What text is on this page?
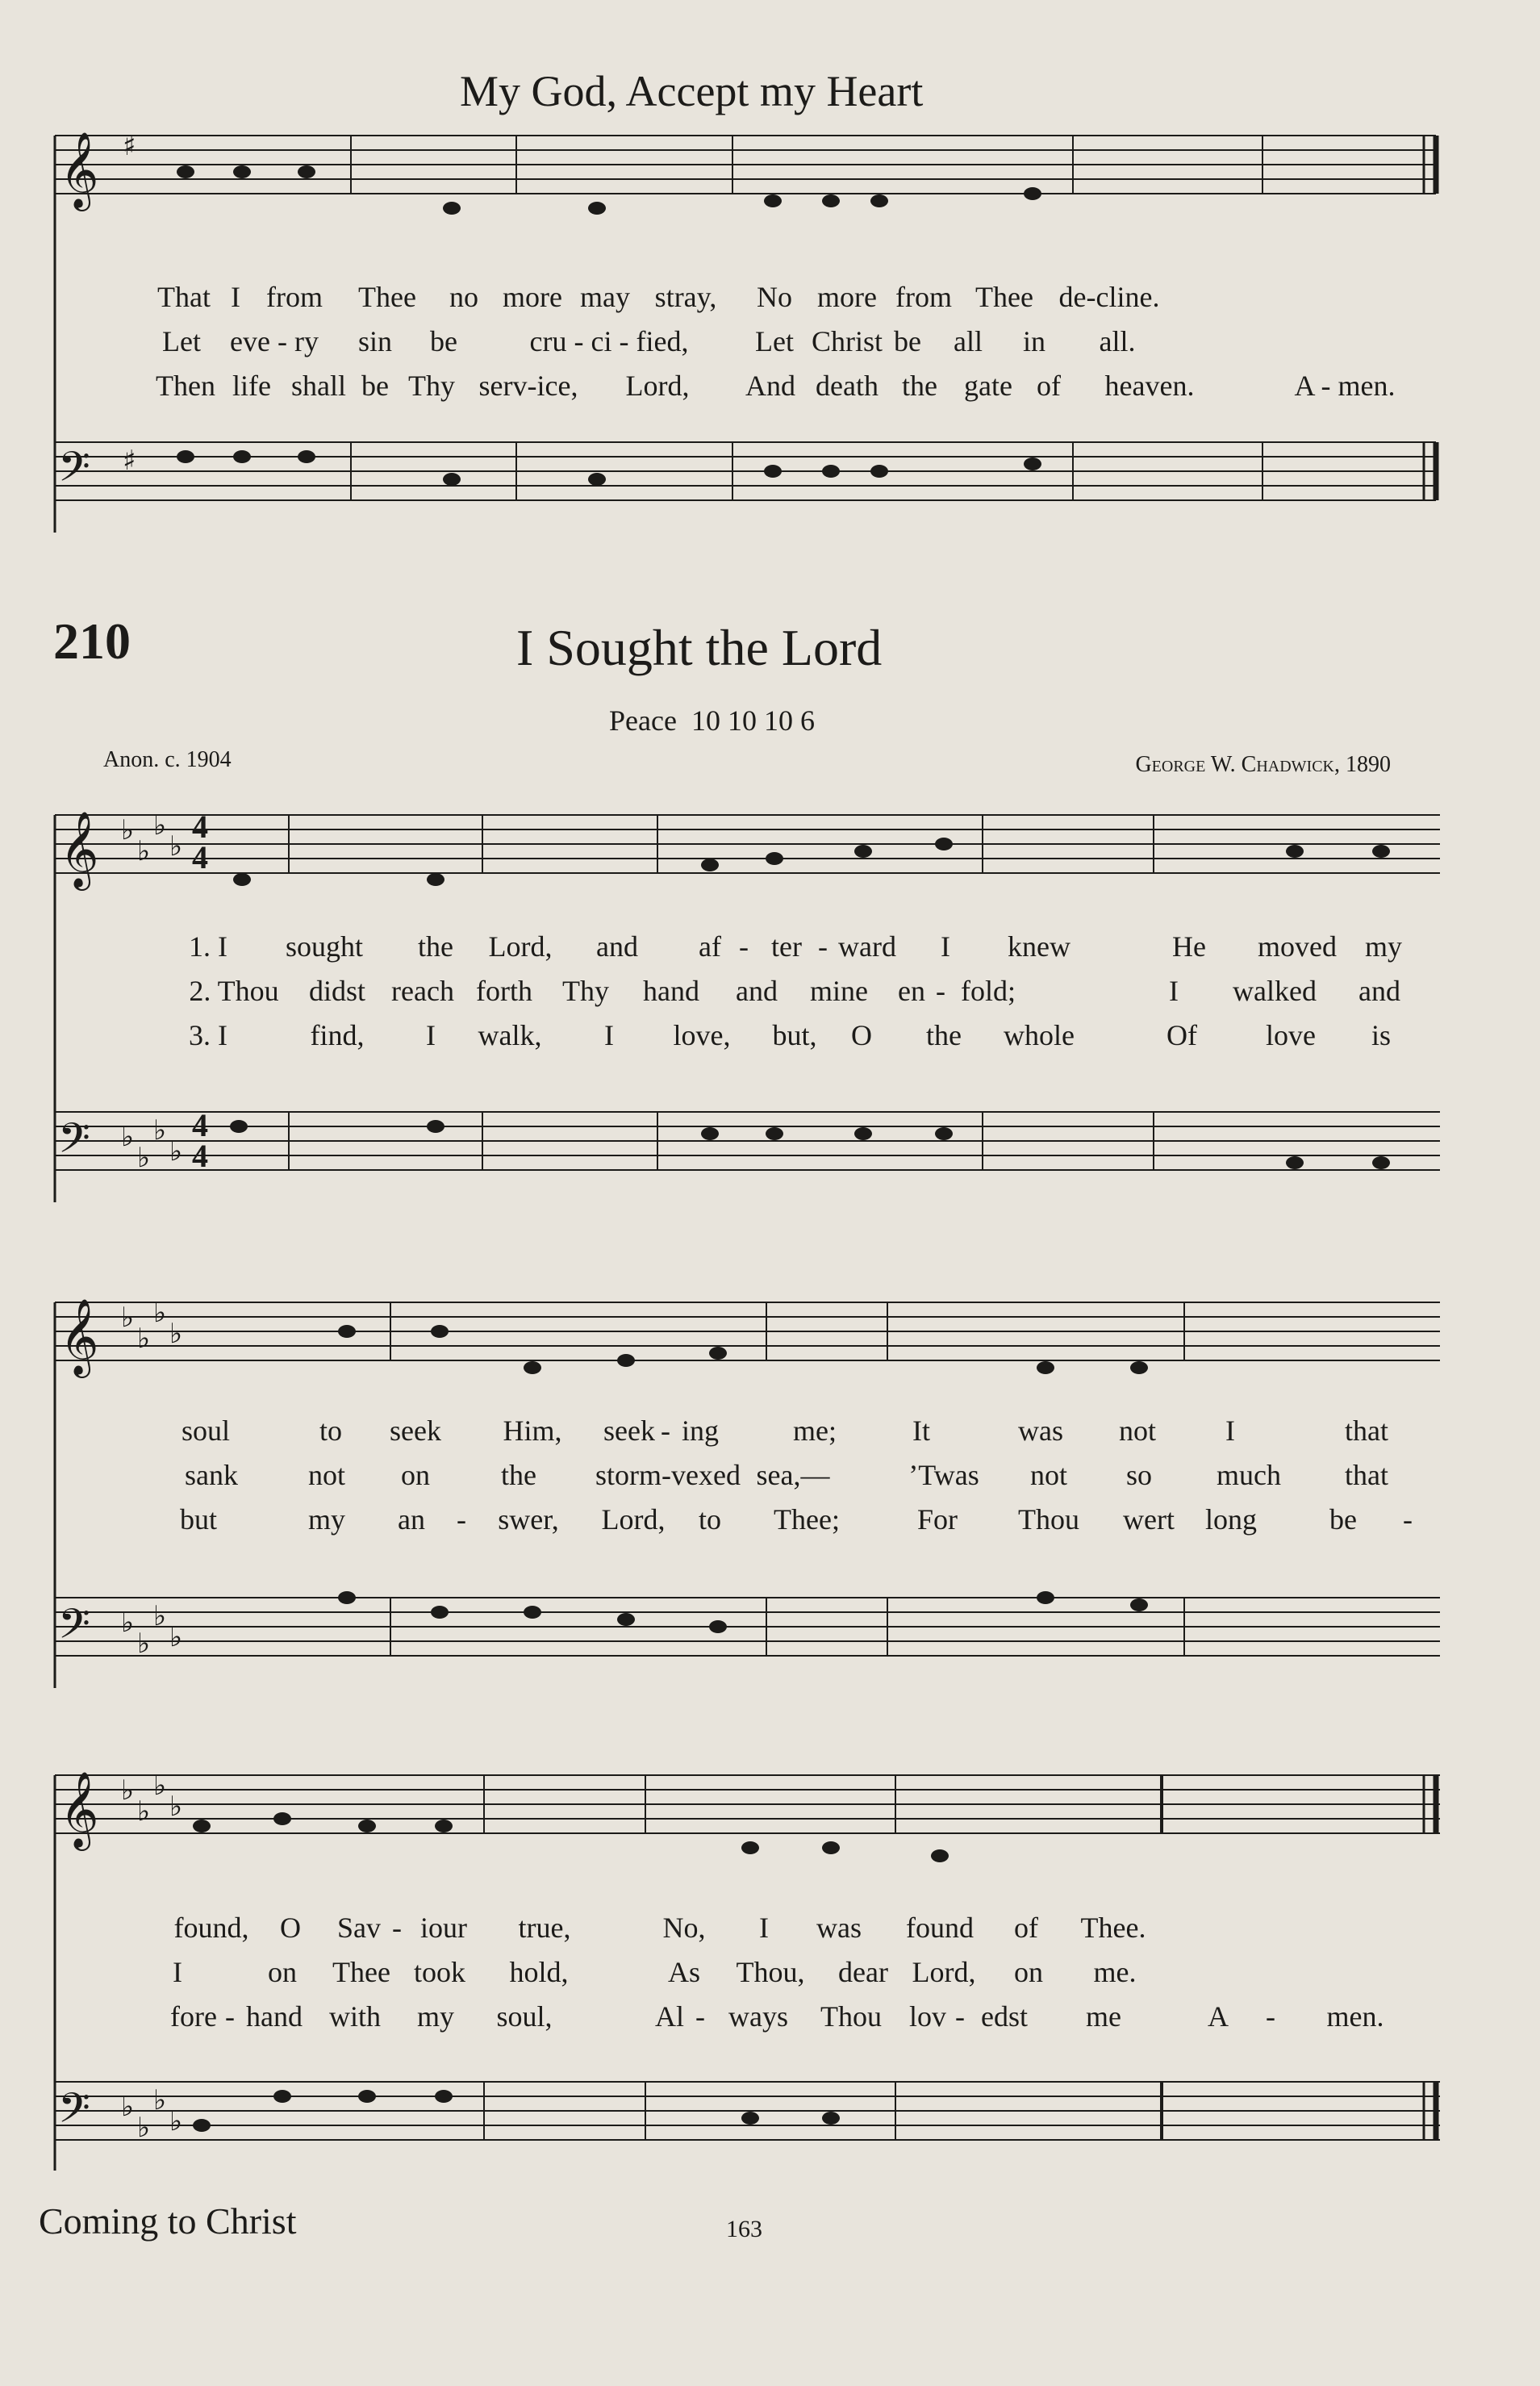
My God, Accept my Heart
𝄞
𝄢
♯
♯
𝄞
𝄢
𝄞
𝄢
𝄞
𝄢
♭
♭
♭
♭
♭
♭
♭
♭
♭
♭
♭
♭
♭
♭
♭
♭
♭
♭
♭
♭
♭
♭
♭
♭
That I from Thee no more may stray, No more from Thee de-cline.
Let eve - ry sin be cru - ci - fied, Let Christ be all in all.
Then life shall be Thy serv-ice, Lord, And death the gate of heaven.	A - men.
210	I Sought the Lord
Peace 10 10 10 6
Anon. c. 1904	George W. Chadwick, 1890
4
4
4
4
1. I sought the Lord, and af - ter - ward I knew	He moved my
2. Thou didst reach forth Thy hand and mine en - fold;	I walked and
3. I	find, I walk, I love, but, O the whole	Of love is
soul	to seek Him, seek - ing	me;	It	was not I	that
sank not on the storm-vexed sea,—	’Twas not so much that
but	my an - swer, Lord, to Thee;	For Thou wert long	be -
found, O Sav - iour true,	No, I was found of Thee.
I	on Thee took hold,	As Thou, dear Lord, on me.
fore - hand with my soul,	Al - ways Thou lov - edst me	A - men.
Coming to Christ	163
